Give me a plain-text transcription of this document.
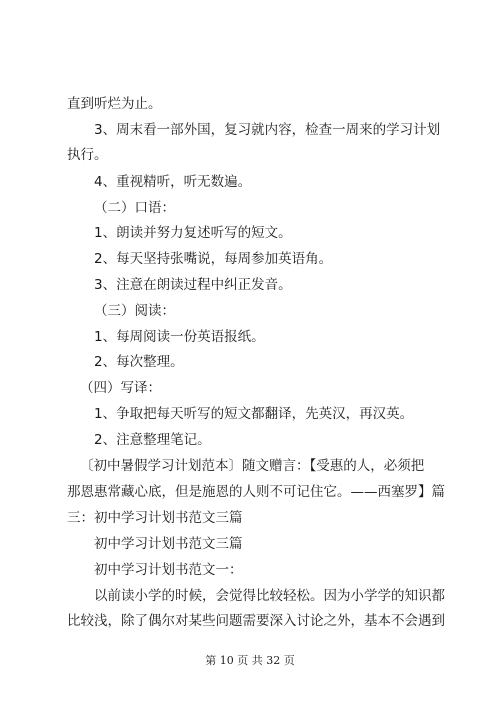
直到听烂为止。
3、周末看一部外国，复习就内容，检查一周来的学习计划
执行。
4、重视精听，听无数遍。
（二）口语：
1、朗读并努力复述听写的短文。
2、每天坚持张嘴说，每周参加英语角。
3、注意在朗读过程中纠正发音。
（三）阅读：
1、每周阅读一份英语报纸。
2、每次整理。
（四）写译：
1、争取把每天听写的短文都翻译，先英汉，再汉英。
2、注意整理笔记。
〔初中暑假学习计划范本〕随文赠言：【受惠的人，必须把
那恩惠常藏心底，但是施恩的人则不可记住它。——西塞罗】篇
三：初中学习计划书范文三篇
初中学习计划书范文三篇
初中学习计划书范文一：
以前读小学的时候，会觉得比较轻松。因为小学学的知识都
比较浅，除了偶尔对某些问题需要深入讨论之外，基本不会遇到
第 10 页 共 32 页
